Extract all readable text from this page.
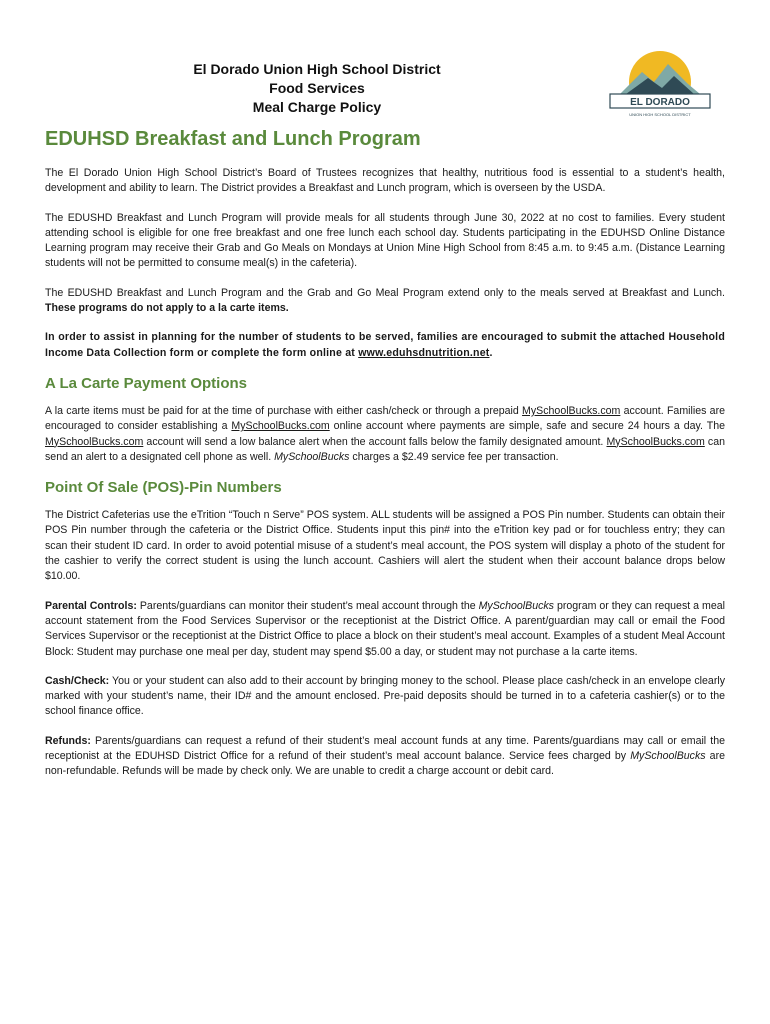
El Dorado Union High School District
Food Services
Meal Charge Policy	EL DORADO
UNION HIGH SCHOOL DISTRICT
EDUHSD Breakfast and Lunch Program

The El Dorado Union High School District’s Board of Trustees recognizes that healthy, nutritious food is essential to a student’s health, development and ability to learn. The District provides a Breakfast and Lunch program, which is overseen by the USDA.

The EDUSHD Breakfast and Lunch Program will provide meals for all students through June 30, 2022 at no cost to families. Every student attending school is eligible for one free breakfast and one free lunch each school day. Students participating in the EDUHSD Online Distance Learning program may receive their Grab and Go Meals on Mondays at Union Mine High School from 8:45 a.m. to 9:45 a.m. (Distance Learning students will not be permitted to consume meal(s) in the cafeteria).

The EDUSHD Breakfast and Lunch Program and the Grab and Go Meal Program extend only to the meals served at Breakfast and Lunch. These programs do not apply to a la carte items.

In order to assist in planning for the number of students to be served, families are encouraged to submit the attached Household Income Data Collection form or complete the form online at www.eduhsdnutrition.net.

A La Carte Payment Options

A la carte items must be paid for at the time of purchase with either cash/check or through a prepaid MySchoolBucks.com account. Families are encouraged to consider establishing a MySchoolBucks.com online account where payments are simple, safe and secure 24 hours a day. The MySchoolBucks.com account will send a low balance alert when the account falls below the family designated amount. MySchoolBucks.com can send an alert to a designated cell phone as well. MySchoolBucks charges a $2.49 service fee per transaction.

Point Of Sale (POS)-Pin Numbers

The District Cafeterias use the eTrition “Touch n Serve” POS system. ALL students will be assigned a POS Pin number. Students can obtain their POS Pin number through the cafeteria or the District Office. Students input this pin# into the eTrition key pad or for touchless entry; they can scan their student ID card. In order to avoid potential misuse of a student’s meal account, the POS system will display a photo of the student for the cashier to verify the correct student is using the lunch account. Cashiers will alert the student when their account balance drops below $10.00.

Parental Controls: Parents/guardians can monitor their student’s meal account through the MySchoolBucks program or they can request a meal account statement from the Food Services Supervisor or the receptionist at the District Office. A parent/guardian may call or email the Food Services Supervisor or the receptionist at the District Office to place a block on their student’s meal account. Examples of a student Meal Account Block: Student may purchase one meal per day, student may spend $5.00 a day, or student may not purchase a la carte items.

Cash/Check: You or your student can also add to their account by bringing money to the school. Please place cash/check in an envelope clearly marked with your student’s name, their ID# and the amount enclosed. Pre-paid deposits should be turned in to a cafeteria cashier(s) or to the school finance office.

Refunds: Parents/guardians can request a refund of their student’s meal account funds at any time. Parents/guardians may call or email the receptionist at the EDUHSD District Office for a refund of their student’s meal account balance. Service fees charged by MySchoolBucks are non-refundable. Refunds will be made by check only. We are unable to credit a charge account or debit card.
